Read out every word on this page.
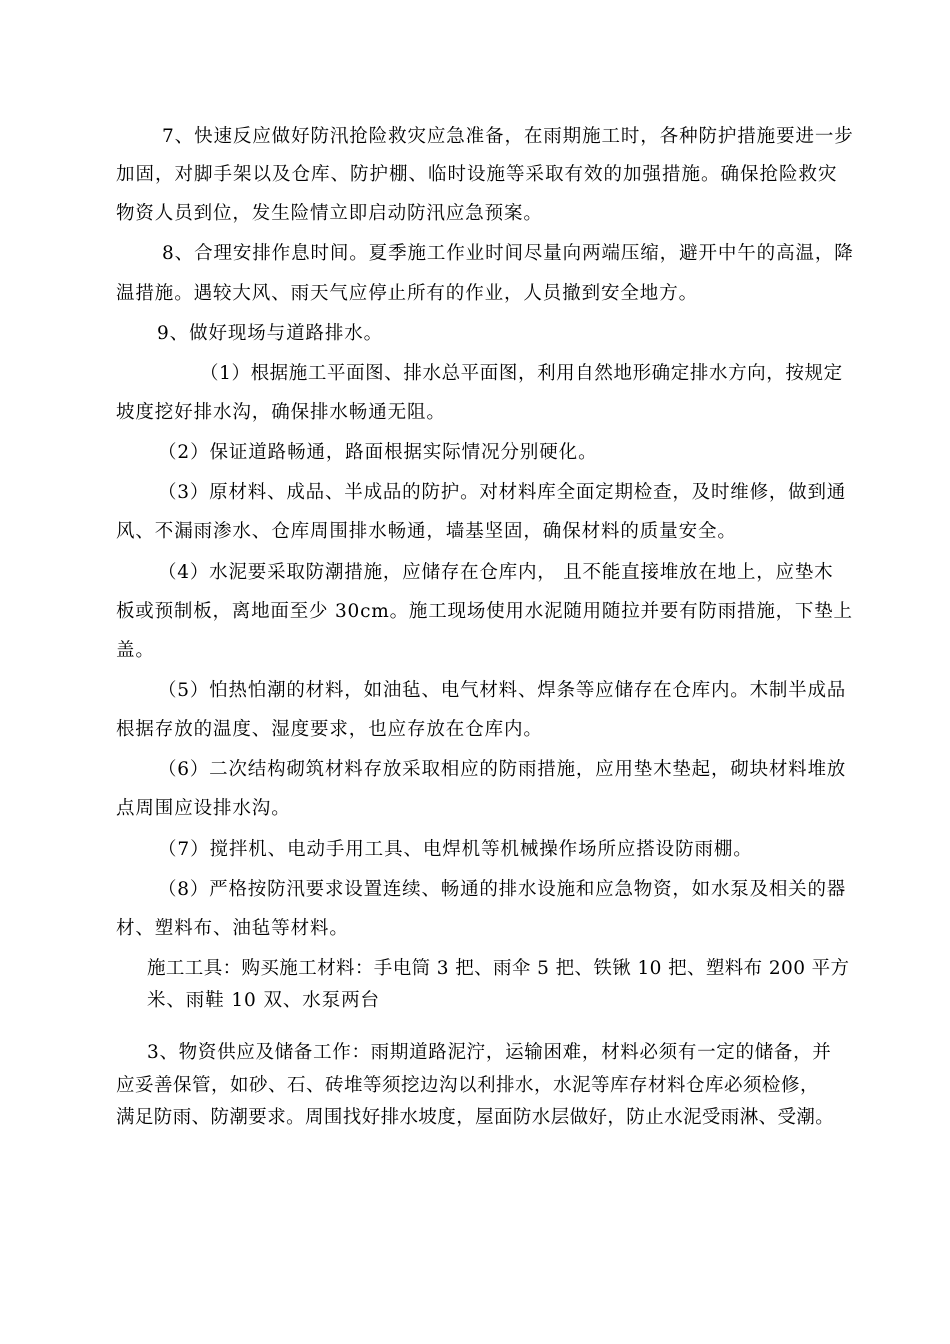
7、快速反应做好防汛抢险救灾应急准备，在雨期施工时，各种防护措施要进一步
加固，对脚手架以及仓库、防护棚、临时设施等采取有效的加强措施。确保抢险救灾
物资人员到位，发生险情立即启动防汛应急预案。
8、合理安排作息时间。夏季施工作业时间尽量向两端压缩，避开中午的高温，降
温措施。遇较大风、雨天气应停止所有的作业，人员撤到安全地方。
9、做好现场与道路排水。
（1）根据施工平面图、排水总平面图，利用自然地形确定排水方向，按规定
坡度挖好排水沟，确保排水畅通无阻。
（2）保证道路畅通，路面根据实际情况分别硬化。
（3）原材料、成品、半成品的防护。对材料库全面定期检查，及时维修，做到通
风、不漏雨渗水、仓库周围排水畅通，墙基坚固，确保材料的质量安全。
（4）水泥要采取防潮措施，应储存在仓库内， 且不能直接堆放在地上，应垫木
板或预制板，离地面至少 30cm。施工现场使用水泥随用随拉并要有防雨措施，下垫上
盖。
（5）怕热怕潮的材料，如油毡、电气材料、焊条等应储存在仓库内。木制半成品
根据存放的温度、湿度要求，也应存放在仓库内。
（6）二次结构砌筑材料存放采取相应的防雨措施，应用垫木垫起，砌块材料堆放
点周围应设排水沟。
（7）搅拌机、电动手用工具、电焊机等机械操作场所应搭设防雨棚。
（8）严格按防汛要求设置连续、畅通的排水设施和应急物资，如水泵及相关的器
材、塑料布、油毡等材料。
施工工具：购买施工材料：手电筒 3 把、雨伞 5 把、铁锹 10 把、塑料布 200 平方
米、雨鞋 10 双、水泵两台
3、物资供应及储备工作：雨期道路泥泞，运输困难，材料必须有一定的储备，并
应妥善保管，如砂、石、砖堆等须挖边沟以利排水，水泥等库存材料仓库必须检修，
满足防雨、防潮要求。周围找好排水坡度，屋面防水层做好，防止水泥受雨淋、受潮。
